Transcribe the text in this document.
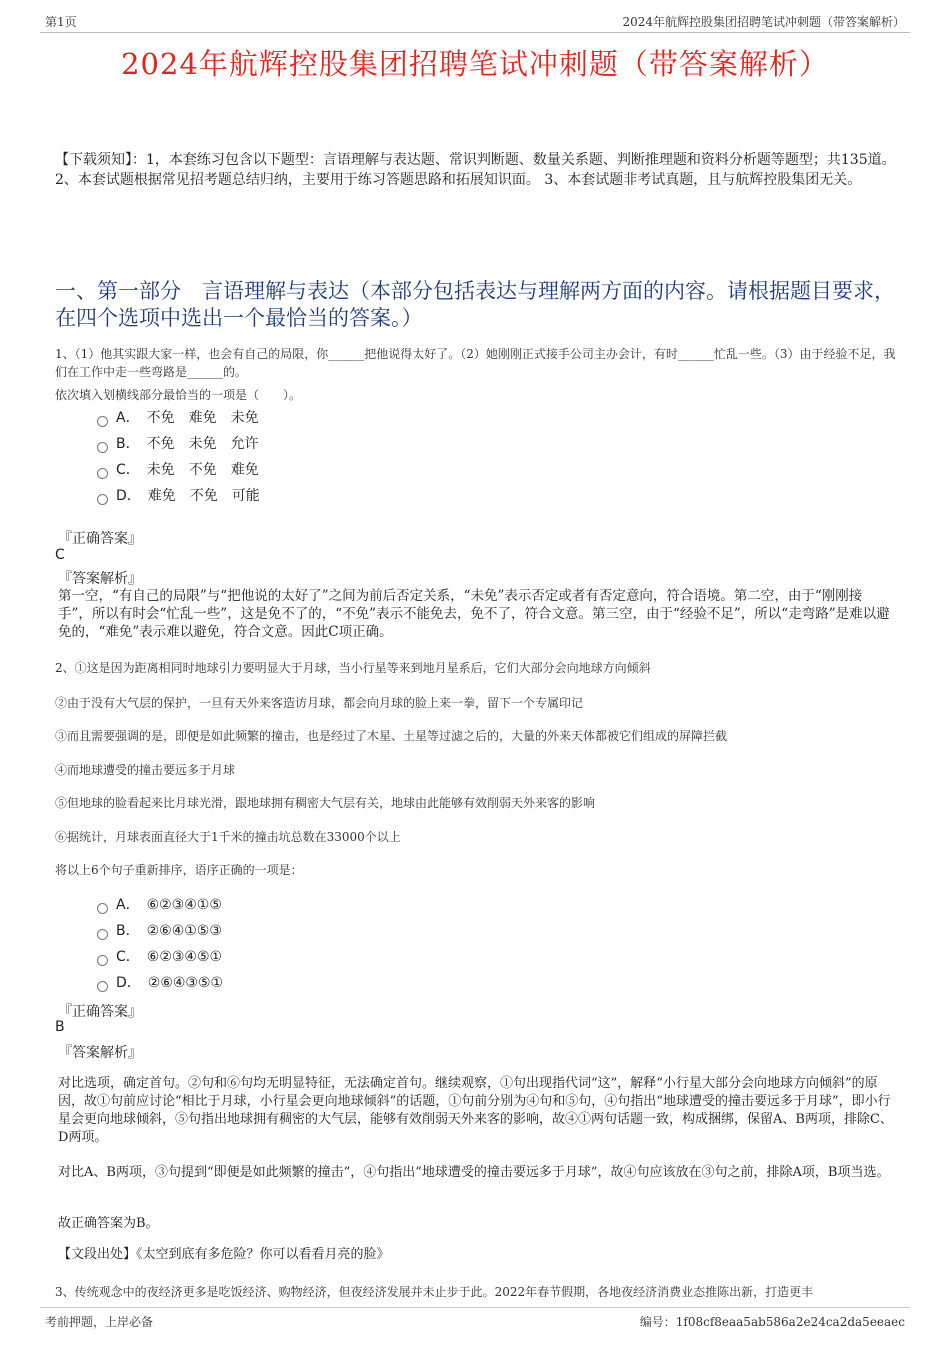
第1页	2024年航辉控股集团招聘笔试冲刺题（带答案解析）
2024年航辉控股集团招聘笔试冲刺题（带答案解析）
【下载须知】：1，本套练习包含以下题型：言语理解与表达题、常识判断题、数量关系题、判断推理题和资料分析题等题型；共135道。 2、本套试题根据常见招考题总结归纳，主要用于练习答题思路和拓展知识面。 3、本套试题非考试真题，且与航辉控股集团无关。
一、第一部分　言语理解与表达（本部分包括表达与理解两方面的内容。请根据题目要求，在四个选项中选出一个最恰当的答案。）
1、（1）他其实跟大家一样，也会有自己的局限，你______把他说得太好了。（2）她刚刚正式接手公司主办会计，有时______忙乱一些。（3）由于经验不足，我们在工作中走一些弯路是______的。
依次填入划横线部分最恰当的一项是（　　）。
A．　不免　难免　未免
B．　不免　未免　允许
C．　未免　不免　难免
D．　难免　不免　可能
『正确答案』
C
『答案解析』
第一空，“有自己的局限”与“把他说的太好了”之间为前后否定关系，“未免”表示否定或者有否定意向，符合语境。第二空，由于“刚刚接手”，所以有时会“忙乱一些”，这是免不了的，“不免”表示不能免去，免不了，符合文意。第三空，由于“经验不足”，所以“走弯路”是难以避免的，“难免”表示难以避免，符合文意。因此C项正确。
2、①这是因为距离相同时地球引力要明显大于月球，当小行星等来到地月星系后，它们大部分会向地球方向倾斜
②由于没有大气层的保护，一旦有天外来客造访月球，都会向月球的脸上来一拳，留下一个专属印记
③而且需要强调的是，即便是如此频繁的撞击，也是经过了木星、土星等过滤之后的，大量的外来天体都被它们组成的屏障拦截
④而地球遭受的撞击要远多于月球
⑤但地球的脸看起来比月球光滑，跟地球拥有稠密大气层有关，地球由此能够有效削弱天外来客的影响
⑥据统计，月球表面直径大于1千米的撞击坑总数在33000个以上
将以上6个句子重新排序，语序正确的一项是：
A．　⑥②③④①⑤
B．　②⑥④①⑤③
C．　⑥②③④⑤①
D．　②⑥④③⑤①
『正确答案』
B
『答案解析』
对比选项，确定首句。②句和⑥句均无明显特征，无法确定首句。继续观察，①句出现指代词“这”，解释“小行星大部分会向地球方向倾斜”的原因，故①句前应讨论“相比于月球，小行星会更向地球倾斜”的话题，①句前分别为④句和⑤句，④句指出“地球遭受的撞击要远多于月球”，即小行星会更向地球倾斜，⑤句指出地球拥有稠密的大气层，能够有效削弱天外来客的影响，故④①两句话题一致，构成捆绑，保留A、B两项，排除C、D两项。
对比A、B两项，③句提到“即便是如此频繁的撞击”，④句指出“地球遭受的撞击要远多于月球”，故④句应该放在③句之前，排除A项，B项当选。
故正确答案为B。
【文段出处】《太空到底有多危险？你可以看看月亮的脸》
3、传统观念中的夜经济更多是吃饭经济、购物经济，但夜经济发展并未止步于此。2022年春节假期，各地夜经济消费业态推陈出新，打造更丰
考前押题，上岸必备	编号：1f08cf8eaa5ab586a2e24ca2da5eeaec
